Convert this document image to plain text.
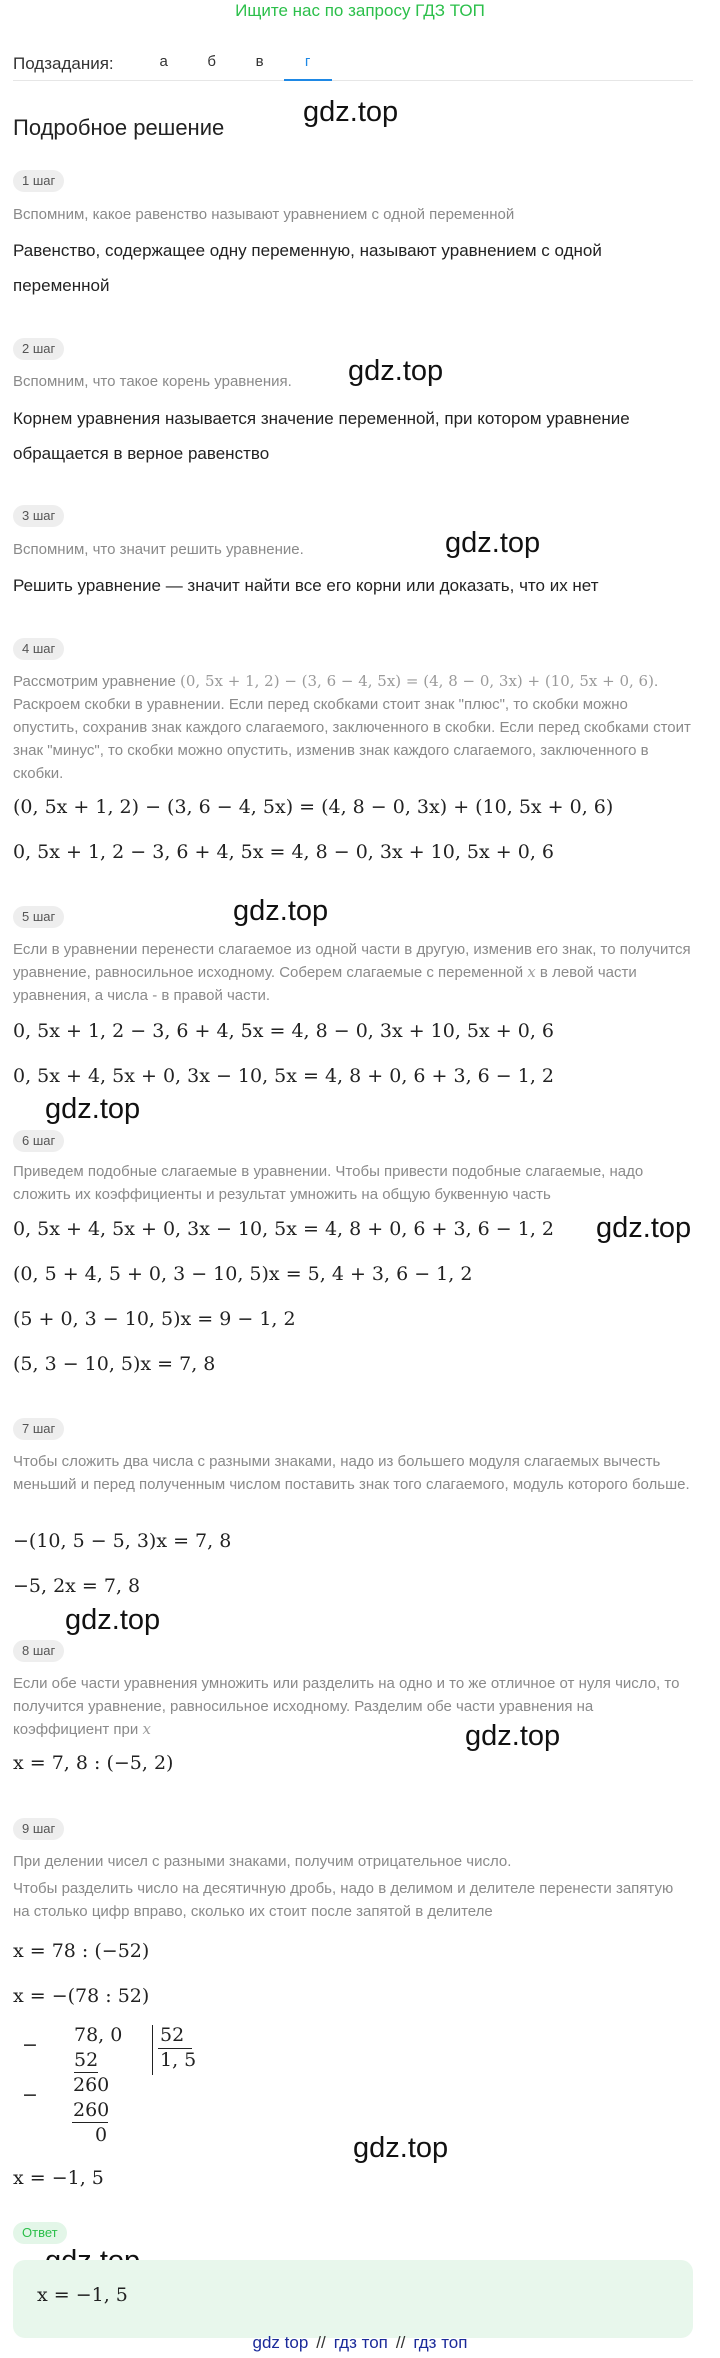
Ищите нас по запросу ГДЗ ТОП
Подзадания:	а	б	в	г
Подробное решение	gdz.top
gdz.top
gdz.top
gdz.top
gdz.top
gdz.top
gdz.top
gdz.top
gdz.top
1 шаг
Вспомним, какое равенство называют уравнением с одной переменной
Равенство, содержащее одну переменную, называют уравнением с одной переменной
2 шаг
Вспомним, что такое корень уравнения.
Корнем уравнения называется значение переменной, при котором уравнение обращается в верное равенство
3 шаг
Вспомним, что значит решить уравнение.
Решить уравнение — значит найти все его корни или доказать, что их нет
4 шаг
Рассмотрим уравнение (0, 5x + 1, 2) − (3, 6 − 4, 5x) = (4, 8 − 0, 3x) + (10, 5x + 0, 6). Раскроем скобки в уравнении. Если перед скобками стоит знак "плюс", то скобки можно опустить, сохранив знак каждого слагаемого, заключенного в скобки. Если перед скобками стоит знак "минус", то скобки можно опустить, изменив знак каждого слагаемого, заключенного в скобки.
(0, 5x + 1, 2) − (3, 6 − 4, 5x) = (4, 8 − 0, 3x) + (10, 5x + 0, 6)
0, 5x + 1, 2 − 3, 6 + 4, 5x = 4, 8 − 0, 3x + 10, 5x + 0, 6
5 шаг
Если в уравнении перенести слагаемое из одной части в другую, изменив его знак, то получится уравнение, равносильное исходному. Соберем слагаемые с переменной x в левой части уравнения, а числа - в правой части.
0, 5x + 1, 2 − 3, 6 + 4, 5x = 4, 8 − 0, 3x + 10, 5x + 0, 6
0, 5x + 4, 5x + 0, 3x − 10, 5x = 4, 8 + 0, 6 + 3, 6 − 1, 2
6 шаг
Приведем подобные слагаемые в уравнении. Чтобы привести подобные слагаемые, надо сложить их коэффициенты и результат умножить на общую буквенную часть
0, 5x + 4, 5x + 0, 3x − 10, 5x = 4, 8 + 0, 6 + 3, 6 − 1, 2
(0, 5 + 4, 5 + 0, 3 − 10, 5)x = 5, 4 + 3, 6 − 1, 2
(5 + 0, 3 − 10, 5)x = 9 − 1, 2
(5, 3 − 10, 5)x = 7, 8
7 шаг
Чтобы сложить два числа с разными знаками, надо из большего модуля слагаемых вычесть меньший и перед полученным числом поставить знак того слагаемого, модуль которого больше.
−(10, 5 − 5, 3)x = 7, 8
−5, 2x = 7, 8
8 шаг
Если обе части уравнения умножить или разделить на одно и то же отличное от нуля число, то получится уравнение, равносильное исходному. Разделим обе части уравнения на коэффициент при x
x = 7, 8 : (−5, 2)
9 шаг
При делении чисел с разными знаками, получим отрицательное число.
Чтобы разделить число на десятичную дробь, надо в делимом и делителе перенести запятую на столько цифр вправо, сколько их стоит после запятой в делителе
x = 78 : (−52)
x = −(78 : 52)
− 78, 0 52
52	1, 5
− 260
260
0
x = −1, 5
Ответ
x = −1, 5
gdz top // гдз топ // гдз топ
